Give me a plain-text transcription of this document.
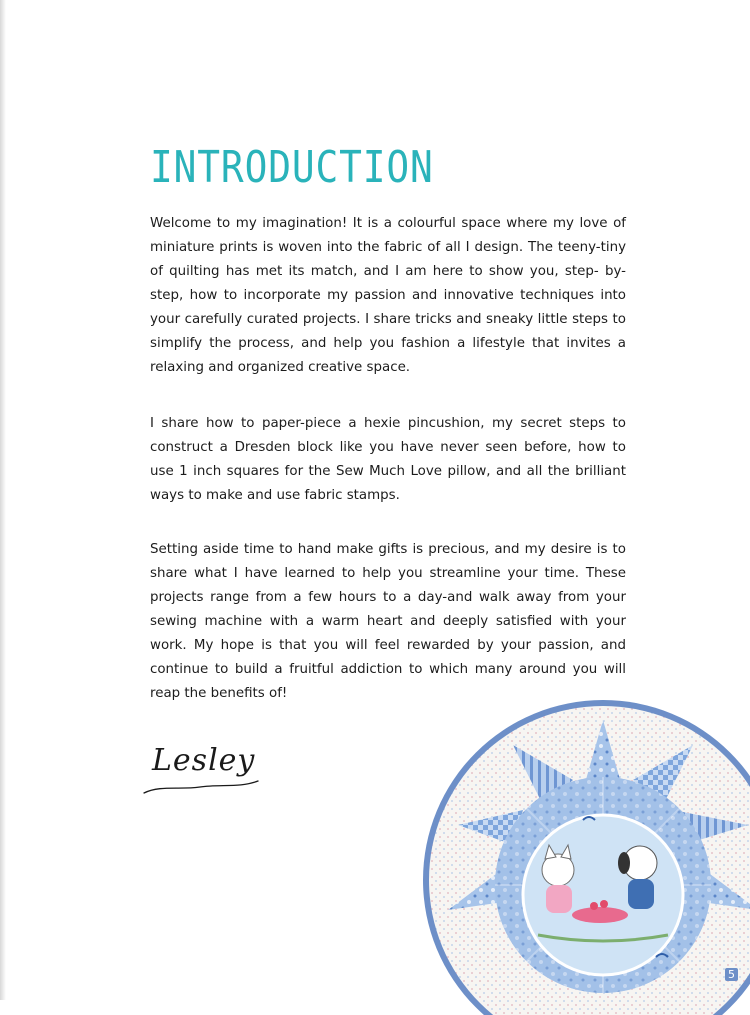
INTRODUCTION

Welcome to my imagination! It is a colourful space where my love of miniature prints is woven into the fabric of all I design. The teeny-tiny of quilting has met its match, and I am here to show you, step- by-step, how to incorporate my passion and innovative techniques into your carefully curated projects. I share tricks and sneaky little steps to simplify the process, and help you fashion a lifestyle that invites a relaxing and organized creative space.

I share how to paper-piece a hexie pincushion, my secret steps to construct a Dresden block like you have never seen before, how to use 1 inch squares for the Sew Much Love pillow, and all the brilliant ways to make and use fabric stamps.

Setting aside time to hand make gifts is precious, and my desire is to share what I have learned to help you streamline your time. These projects range from a few hours to a day-and walk away from your sewing machine with a warm heart and deeply satisfied with your work. My hope is that you will feel rewarded by your passion, and continue to build a fruitful addiction to which many around you will reap the benefits of!

Lesley
5
